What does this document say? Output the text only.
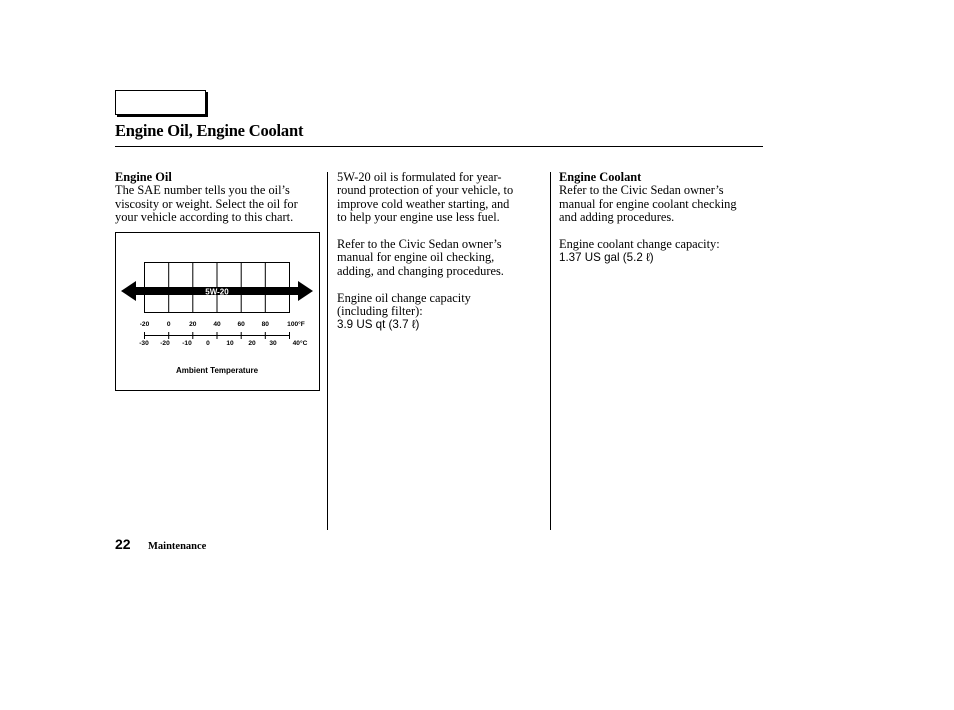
Engine Oil, Engine Coolant

Engine Oil

The SAE number tells you the oil’s

viscosity or weight. Select the oil for

your vehicle according to this chart.

5W-20
-20	0	20	40	60	80	100°F
-30 -20 -10 0 10 20 30 40°C
Ambient Temperature

5W-20 oil is formulated for year-

round protection of your vehicle, to

improve cold weather starting, and

to help your engine use less fuel.

Refer to the Civic Sedan owner’s

manual for engine oil checking,

adding, and changing procedures.

Engine oil change capacity

(including filter):

3.9 US qt (3.7 ℓ)

Engine Coolant

Refer to the Civic Sedan owner’s

manual for engine coolant checking

and adding procedures.

Engine coolant change capacity:

1.37 US gal (5.2 ℓ)

22 Maintenance
